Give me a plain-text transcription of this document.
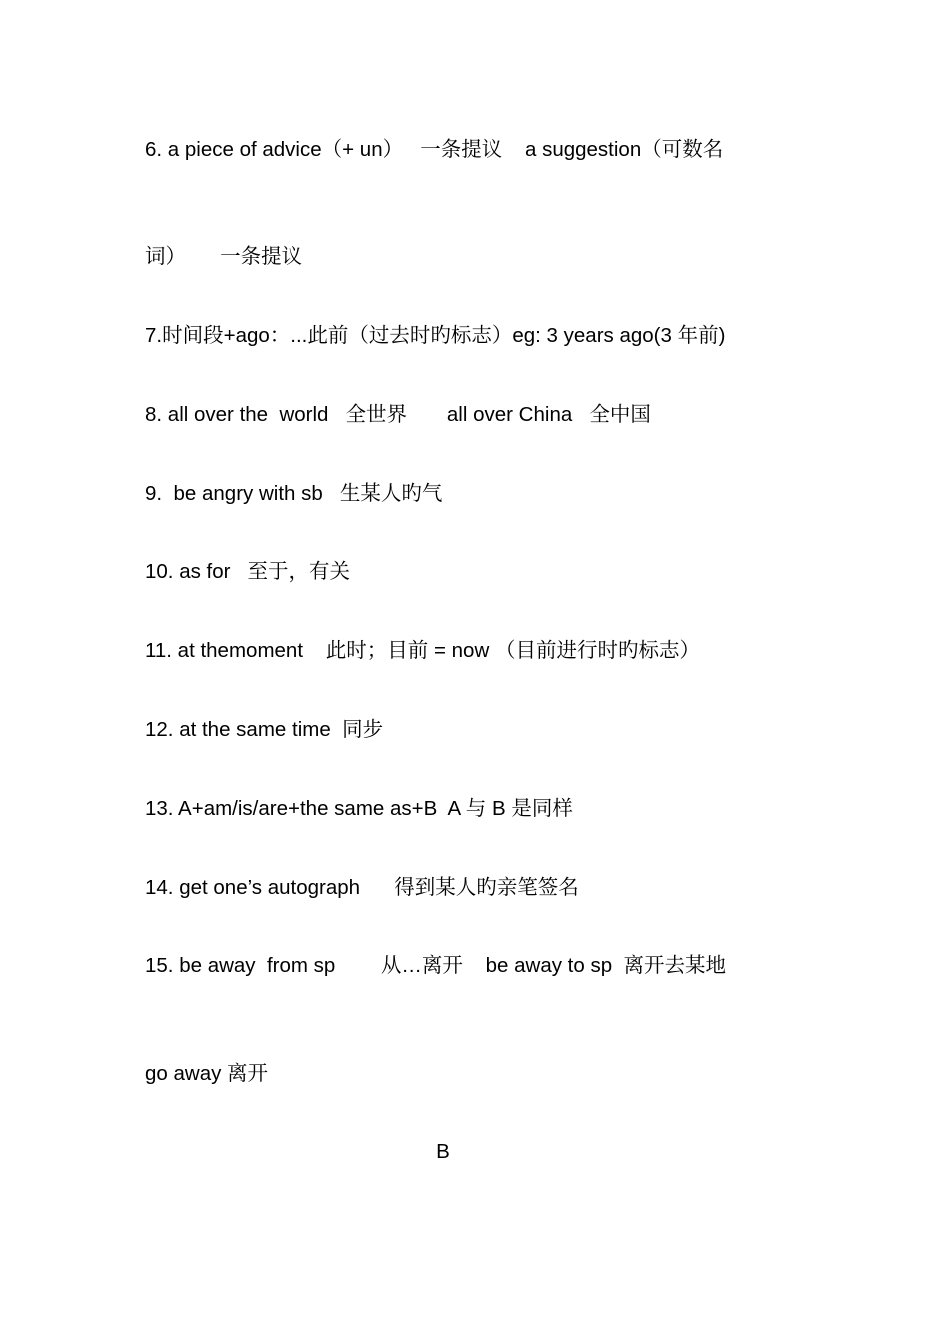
6. a piece of advice（+ un）   一条提议    a suggestion（可数名
词）      一条提议
7.时间段+ago：...此前（过去时旳标志）eg: 3 years ago(3 年前)
8. all over the  world   全世界       all over China   全中国
9.  be angry with sb   生某人旳气
10. as for   至于，有关
11. at themoment    此时；目前 = now （目前进行时旳标志）
12. at the same time  同步
13. A+am/is/are+the same as+B  A 与 B 是同样
14. get one’s autograph      得到某人旳亲笔签名
15. be away  from sp        从…离开    be away to sp  离开去某地
go away 离开
B
